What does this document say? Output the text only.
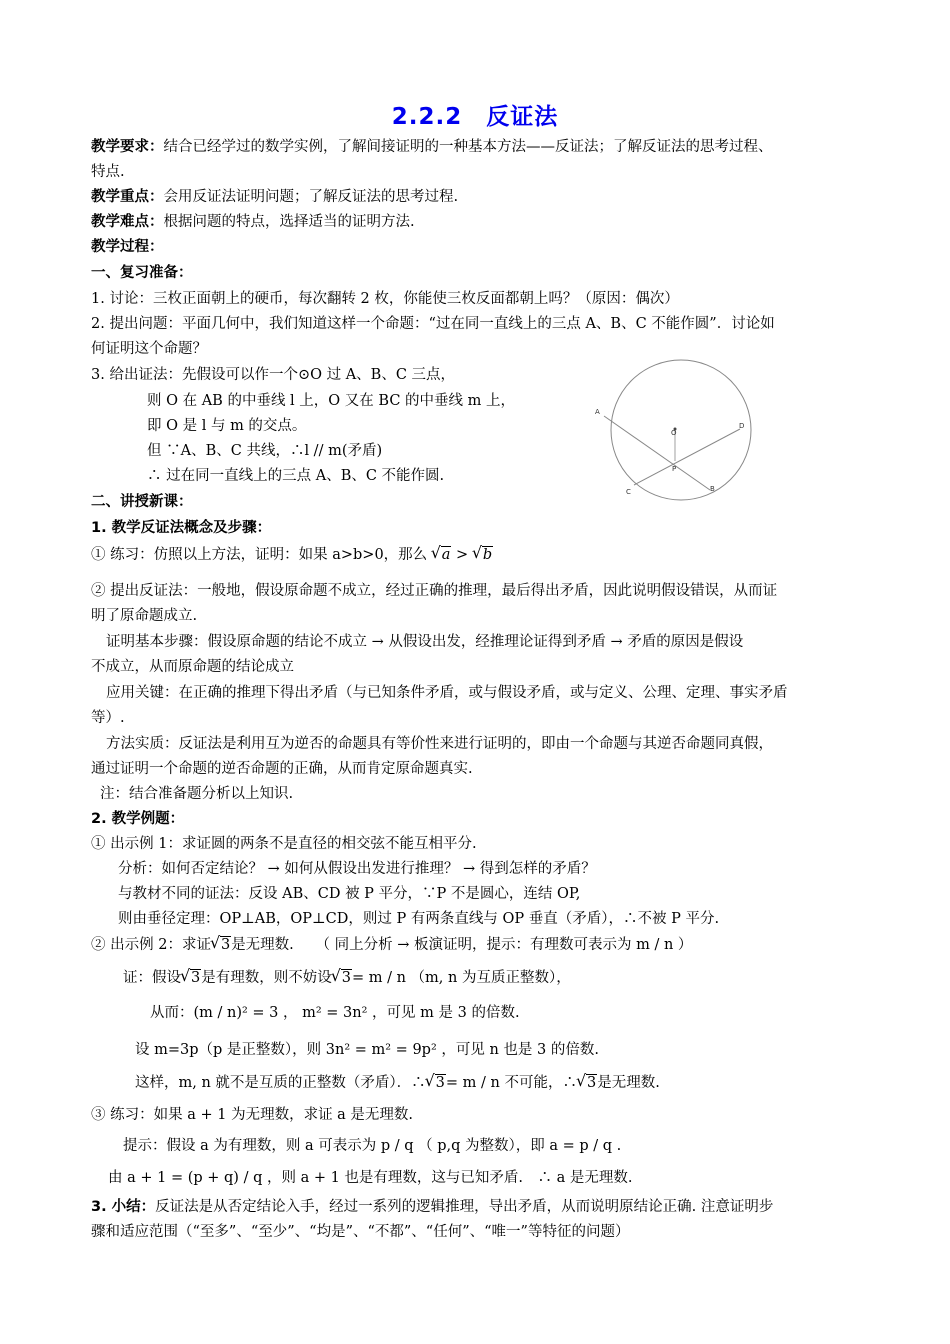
2.2.2　反证法
教学要求：结合已经学过的数学实例，了解间接证明的一种基本方法——反证法；了解反证法的思考过程、
特点.
教学重点：会用反证法证明问题；了解反证法的思考过程.
教学难点：根据问题的特点，选择适当的证明方法.
教学过程：
一、复习准备：
1. 讨论：三枚正面朝上的硬币，每次翻转 2 枚，你能使三枚反面都朝上吗？（原因：偶次）
2. 提出问题：平面几何中，我们知道这样一个命题：“过在同一直线上的三点 A、B、C 不能作圆”．讨论如
何证明这个命题？
3. 给出证法：先假设可以作一个⊙O 过 A、B、C 三点，
则 O 在 AB 的中垂线 l 上，O 又在 BC 的中垂线 m 上，
即 O 是 l 与 m 的交点。
但 ∵A、B、C 共线，∴l // m(矛盾)
∴ 过在同一直线上的三点 A、B、C 不能作圆.
A
O
D
P
C	B
二、讲授新课：
1. 教学反证法概念及步骤：
① 练习：仿照以上方法，证明：如果 a>b>0，那么 √ a > √ b
② 提出反证法：一般地，假设原命题不成立，经过正确的推理，最后得出矛盾，因此说明假设错误，从而证
明了原命题成立.
证明基本步骤：假设原命题的结论不成立 → 从假设出发，经推理论证得到矛盾 → 矛盾的原因是假设
不成立，从而原命题的结论成立
应用关键：在正确的推理下得出矛盾（与已知条件矛盾，或与假设矛盾，或与定义、公理、定理、事实矛盾
等）.
方法实质：反证法是利用互为逆否的命题具有等价性来进行证明的，即由一个命题与其逆否命题同真假，
通过证明一个命题的逆否命题的正确，从而肯定原命题真实.
注：结合准备题分析以上知识.
2. 教学例题：
① 出示例 1：求证圆的两条不是直径的相交弦不能互相平分.
分析：如何否定结论？ → 如何从假设出发进行推理？ → 得到怎样的矛盾？
与教材不同的证法：反设 AB、CD 被 P 平分，∵P 不是圆心，连结 OP,
则由垂径定理：OP⊥AB，OP⊥CD，则过 P 有两条直线与 OP 垂直（矛盾），∴不被 P 平分.
② 出示例 2：求证 √ 3是无理数.　　（ 同上分析 → 板演证明，提示：有理数可表示为 m / n ）
证：假设 √ 3是有理数，则不妨设 √ 3= m / n （m, n 为互质正整数），
从而：(m / n)² = 3 ， m² = 3n² ，可见 m 是 3 的倍数.
设 m=3p（p 是正整数），则 3n² = m² = 9p² ，可见 n 也是 3 的倍数.
这样，m, n 就不是互质的正整数（矛盾）．∴ √ 3= m / n 不可能，∴ √ 3是无理数.
③ 练习：如果 a + 1 为无理数，求证 a 是无理数.
提示：假设 a 为有理数，则 a 可表示为 p / q （ p,q 为整数），即 a = p / q .
由 a + 1 = (p + q) / q ，则 a + 1 也是有理数，这与已知矛盾.　∴ a 是无理数.
3. 小结：反证法是从否定结论入手，经过一系列的逻辑推理，导出矛盾，从而说明原结论正确. 注意证明步
骤和适应范围（“至多”、“至少”、“均是”、“不都”、“任何”、“唯一”等特征的问题）
